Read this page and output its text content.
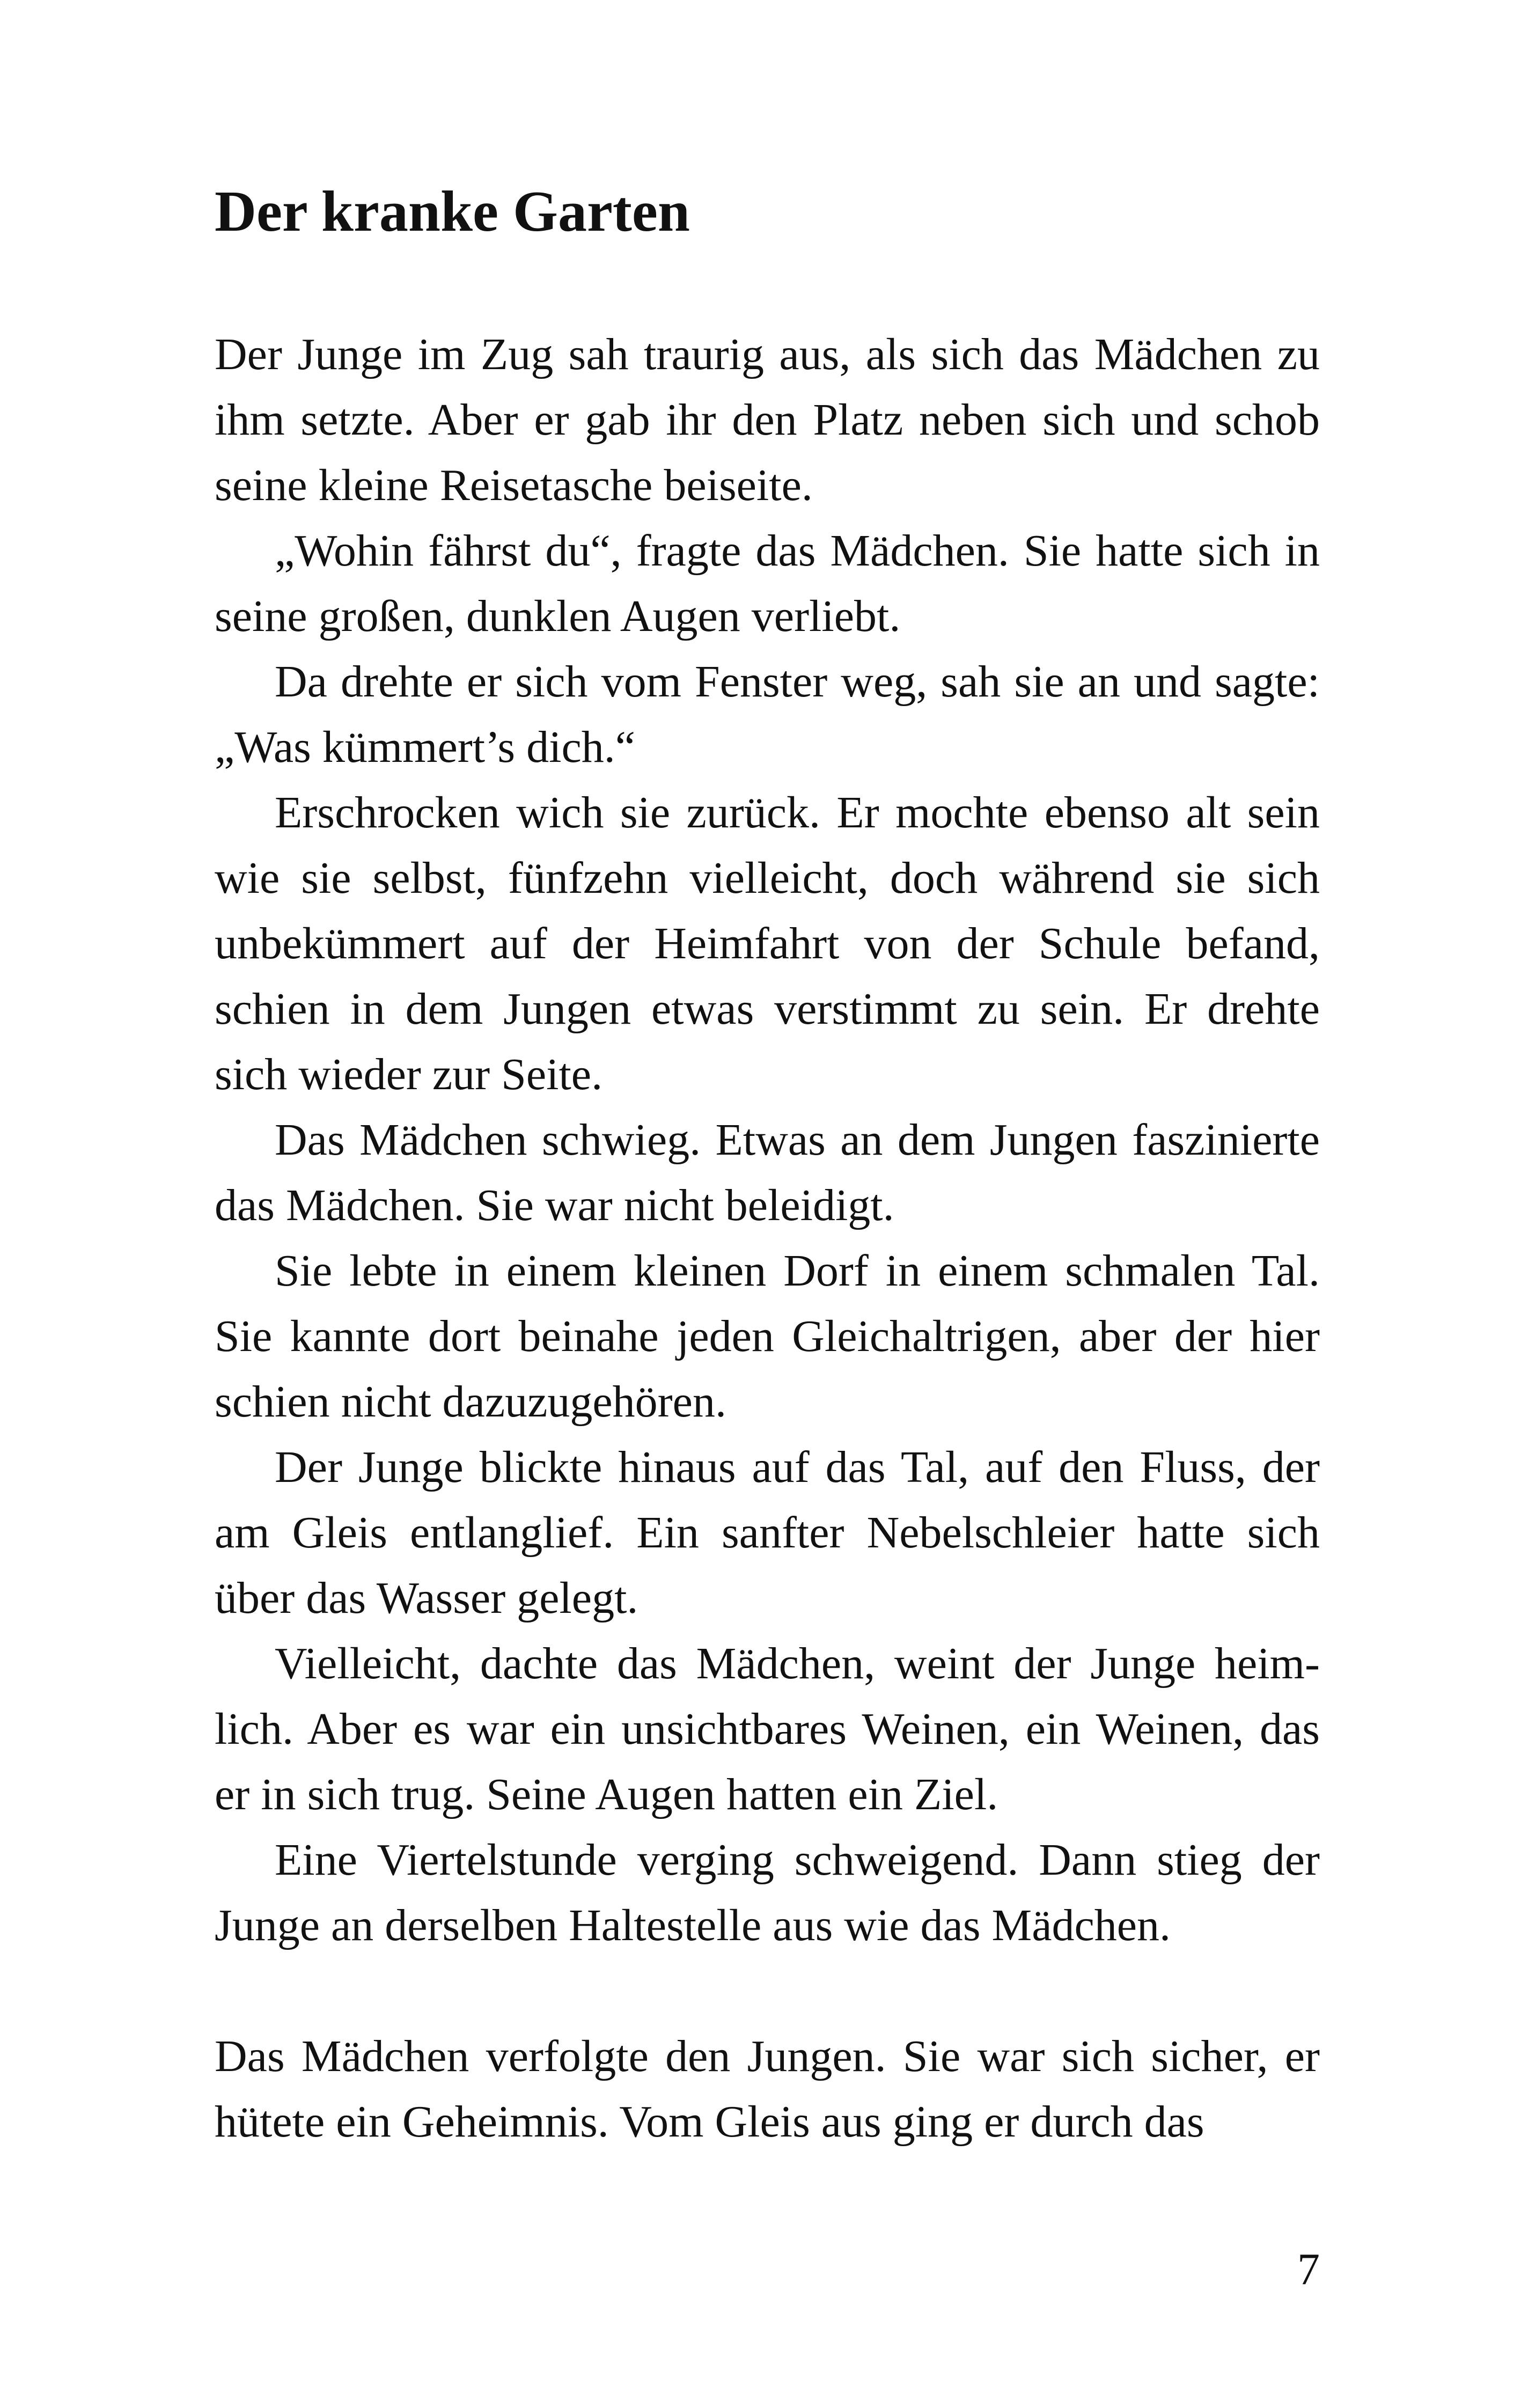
Der kranke Garten

Der Junge im Zug sah traurig aus, als sich das Mädchen zu ihm setzte. Aber er gab ihr den Platz neben sich und schob seine kleine Reisetasche beiseite.

„Wohin fährst du“, fragte das Mädchen. Sie hatte sich in seine großen, dunklen Augen verliebt.

Da drehte er sich vom Fenster weg, sah sie an und sagte: „Was kümmert’s dich.“

Erschrocken wich sie zurück. Er mochte ebenso alt sein wie sie selbst, fünfzehn vielleicht, doch während sie sich unbekümmert auf der Heimfahrt von der Schule befand, schien in dem Jungen etwas verstimmt zu sein. Er drehte sich wieder zur Seite.

Das Mädchen schwieg. Etwas an dem Jungen faszinierte das Mädchen. Sie war nicht beleidigt.

Sie lebte in einem kleinen Dorf in einem schmalen Tal. Sie kannte dort beinahe jeden Gleichaltrigen, aber der hier schien nicht dazuzugehören.

Der Junge blickte hinaus auf das Tal, auf den Fluss, der am Gleis entlanglief. Ein sanfter Nebelschleier hatte sich über das Wasser gelegt.

Vielleicht, dachte das Mädchen, weint der Junge heimlich. Aber es war ein unsichtbares Weinen, ein Weinen, das er in sich trug. Seine Augen hatten ein Ziel.

Eine Viertelstunde verging schweigend. Dann stieg der Junge an derselben Haltestelle aus wie das Mädchen.

Das Mädchen verfolgte den Jungen. Sie war sich sicher, er hütete ein Geheimnis. Vom Gleis aus ging er durch das

7
